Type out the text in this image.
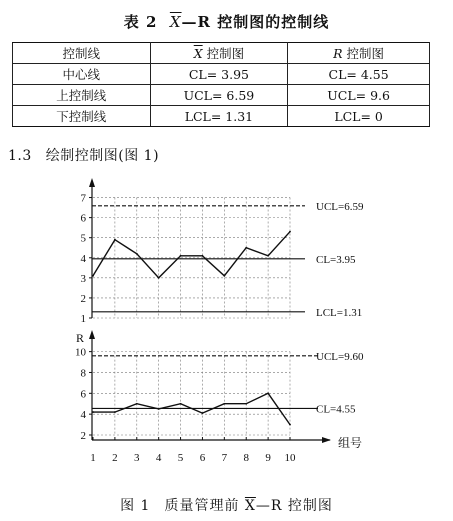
表 2 $\overline{X}—R$ 控制图的控制线
控制线	$\overline{X}$ 控制图	R 控制图
中心线	CL= 3.95	CL= 4.55
上控制线	UCL= 6.59	UCL= 9.6
下控制线	LCL= 1.31	LCL= 0
1.3 绘制控制图(图 1)
1
2
3
4
5
6
7
UCL=6.59
CL=3.95
LCL=1.31
2
4
6
8
10	UCL=9.60
CL=4.55
R
1 2 3 4 5 6 7 8 9 10
组号
图 1 质量管理前 $\overline{X}—R$ 控制图
